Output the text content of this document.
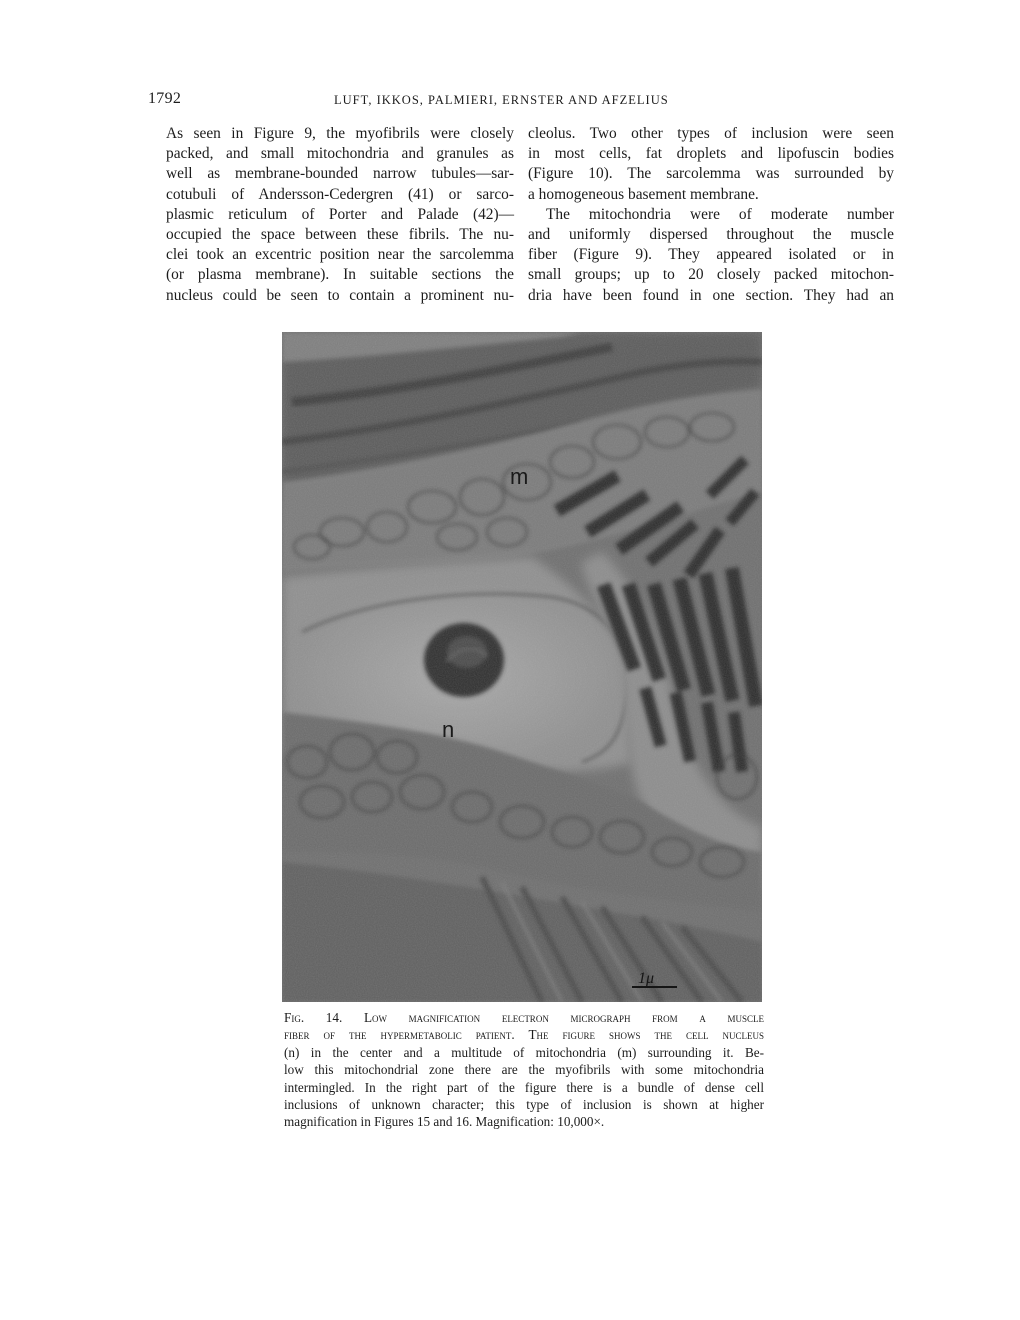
1792	LUFT, IKKOS, PALMIERI, ERNSTER AND AFZELIUS
As seen in Figure 9, the myofibrils were closely
packed, and small mitochondria and granules as
well as membrane-bounded narrow tubules—sar-
cotubuli of Andersson-Cedergren (41) or sarco-
plasmic reticulum of Porter and Palade (42)—
occupied the space between these fibrils. The nu-
clei took an excentric position near the sarcolemma
(or plasma membrane). In suitable sections the
nucleus could be seen to contain a prominent nu-
cleolus. Two other types of inclusion were seen
in most cells, fat droplets and lipofuscin bodies
(Figure 10). The sarcolemma was surrounded by
a homogeneous basement membrane.
The mitochondria were of moderate number
and uniformly dispersed throughout the muscle
fiber (Figure 9). They appeared isolated or in
small groups; up to 20 closely packed mitochon-
dria have been found in one section. They had an
m
n
1μ
Fig. 14. Low magnification electron micrograph from a muscle
fiber of the hypermetabolic patient. The figure shows the cell nucleus
(n) in the center and a multitude of mitochondria (m) surrounding it. Be-
low this mitochondrial zone there are the myofibrils with some mitochondria
intermingled. In the right part of the figure there is a bundle of dense cell
inclusions of unknown character; this type of inclusion is shown at higher
magnification in Figures 15 and 16. Magnification: 10,000×.
